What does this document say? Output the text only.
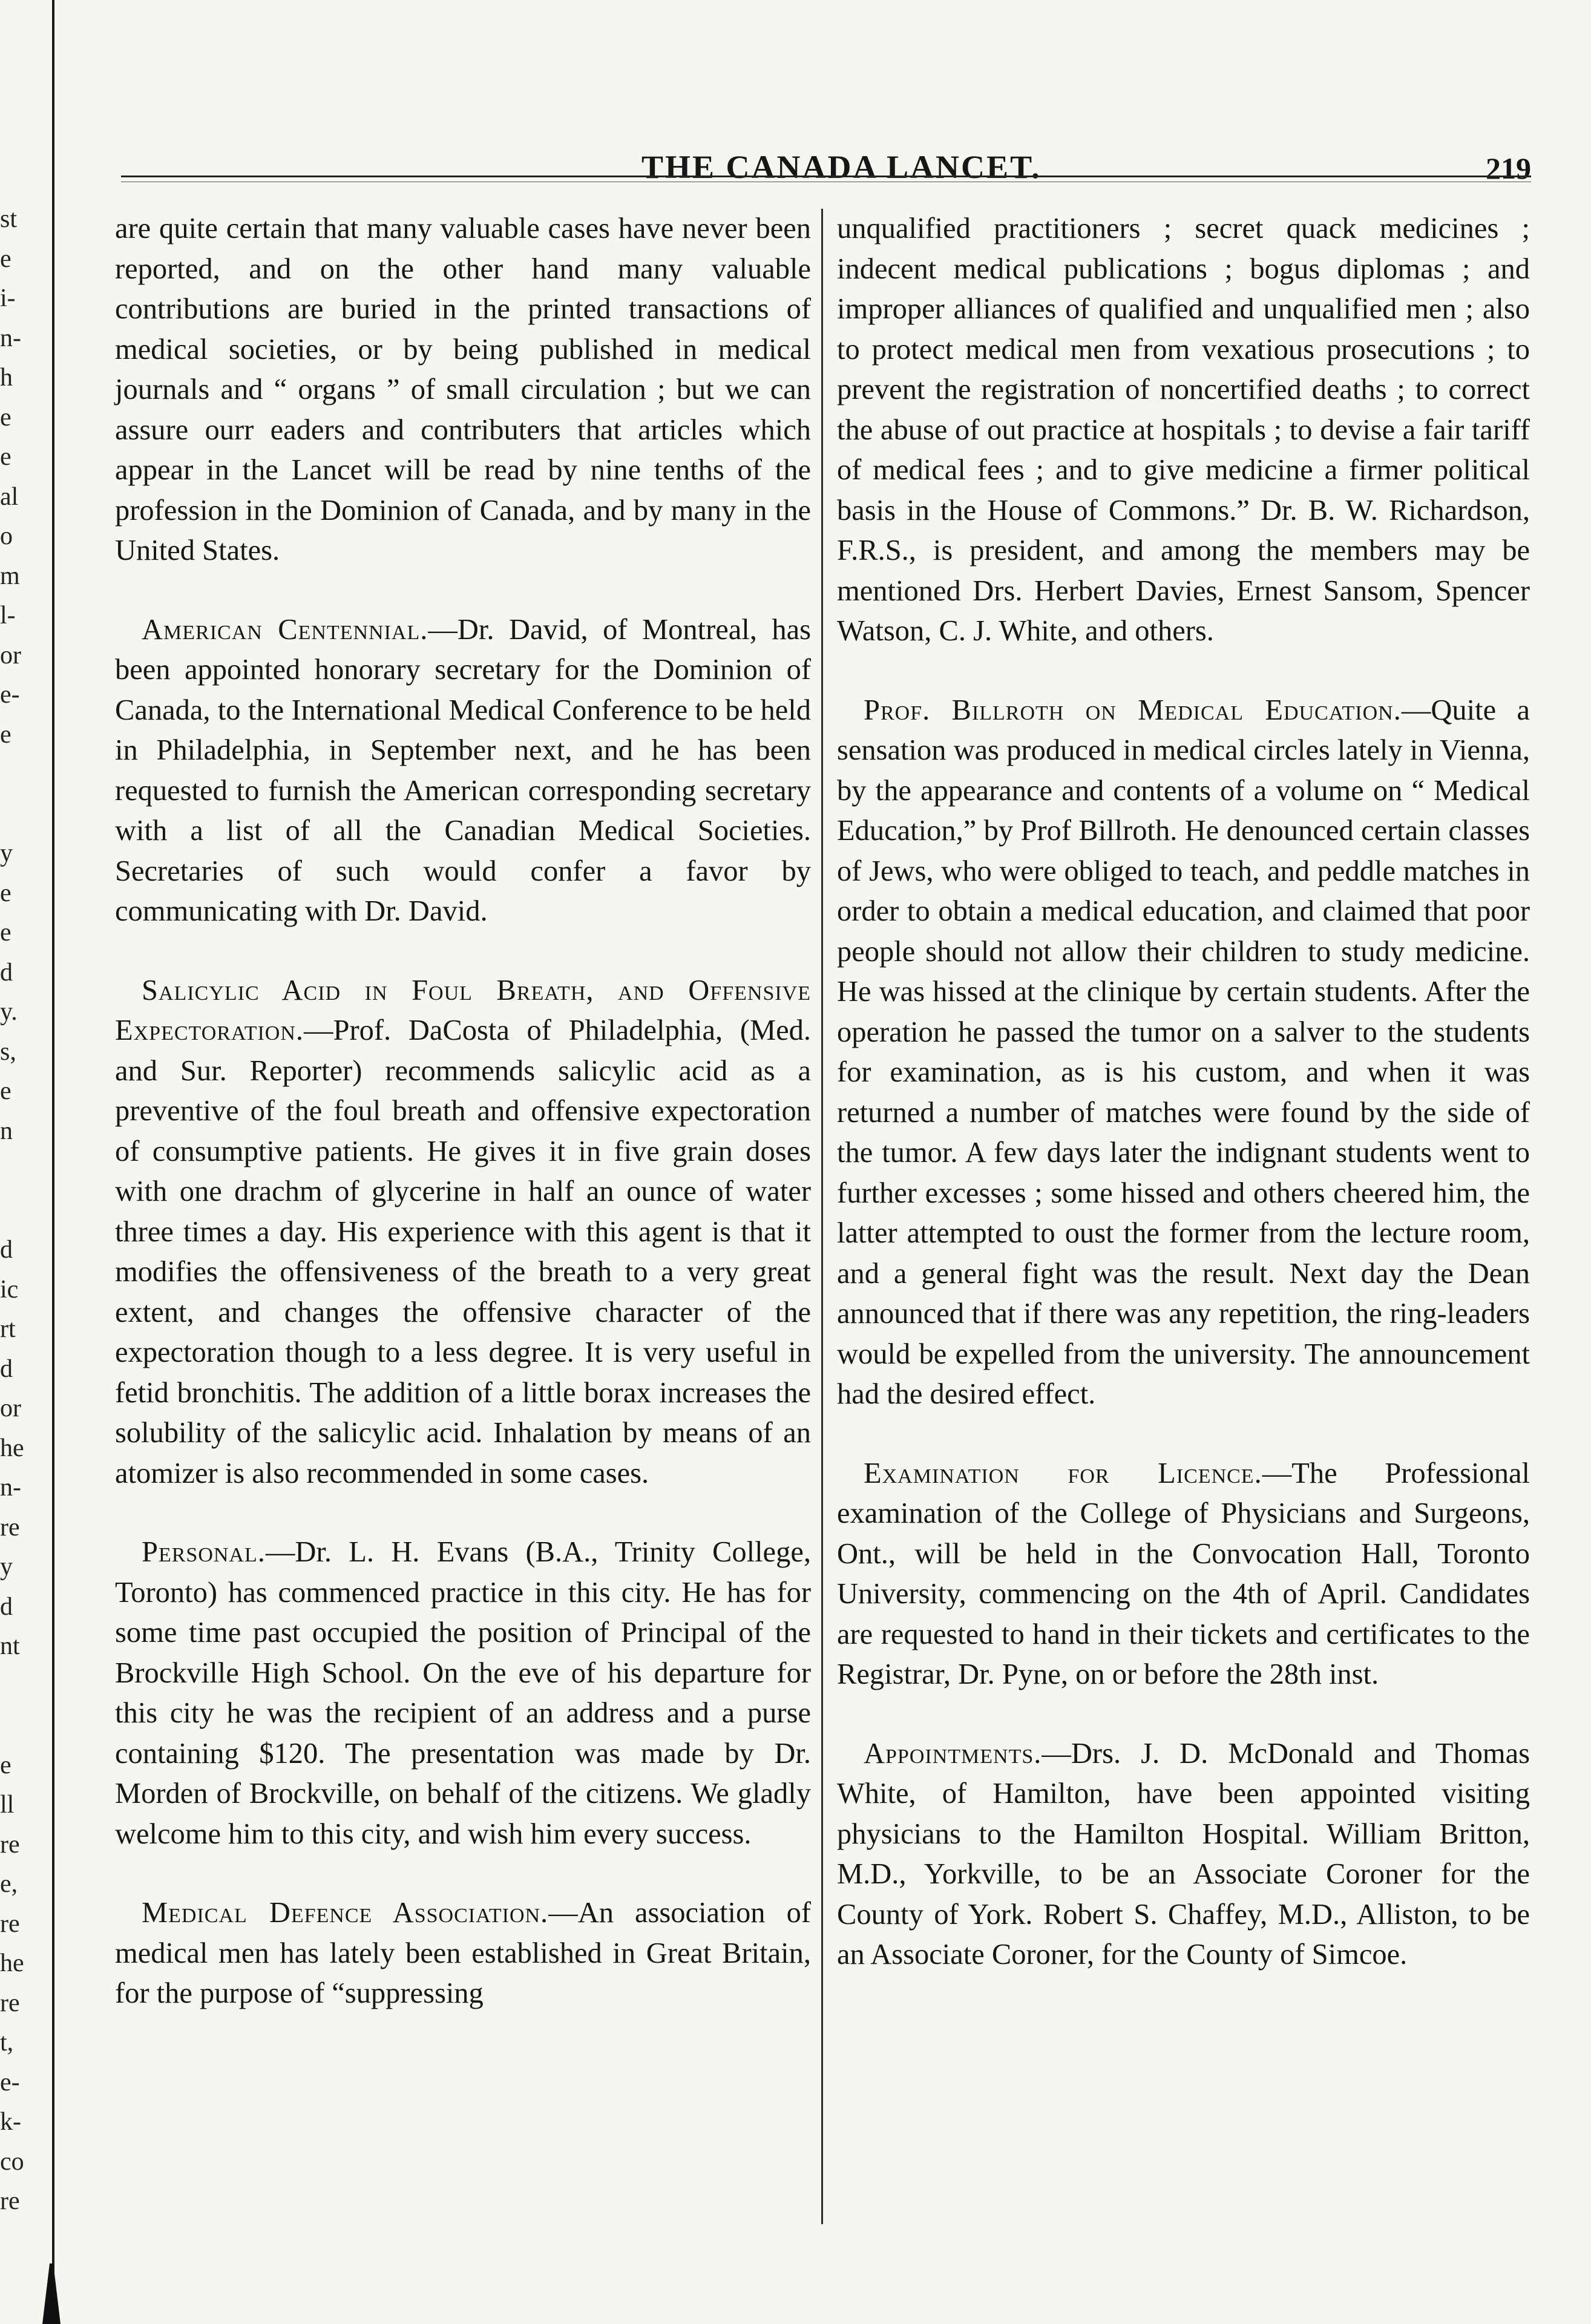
st
e
i-
n-
h
e
e
al
o
m
l-
or
e-
e
y
e
e
d
y.
s,
e
n
d
ic
rt
d
or
he
n-
re
y
d
nt
e
ll
re
e,
re
he
re
t,
e-
k-
co
re
THE CANADA LANCET.	219

are quite certain that many valuable cases have never been reported, and on the other hand many valuable contributions are buried in the printed transactions of medical societies, or by being published in medical journals and “ organs ” of small circulation ; but we can assure ourr eaders and contributers that articles which appear in the Lancet will be read by nine tenths of the profession in the Dominion of Canada, and by many in the United States.

American Centennial.—Dr. David, of Montreal, has been appointed honorary secretary for the Dominion of Canada, to the International Medical Conference to be held in Philadelphia, in September next, and he has been requested to furnish the American corresponding secretary with a list of all the Canadian Medical Societies. Secretaries of such would confer a favor by communicating with Dr. David.

Salicylic Acid in Foul Breath, and Offensive Expectoration.—Prof. DaCosta of Philadelphia, (Med. and Sur. Reporter) recommends salicylic acid as a preventive of the foul breath and offensive expectoration of consumptive patients. He gives it in five grain doses with one drachm of glycerine in half an ounce of water three times a day. His experience with this agent is that it modifies the offensiveness of the breath to a very great extent, and changes the offensive character of the expectoration though to a less degree. It is very useful in fetid bronchitis. The addition of a little borax increases the solubility of the salicylic acid. Inhalation by means of an atomizer is also recommended in some cases.

Personal.—Dr. L. H. Evans (B.A., Trinity College, Toronto) has commenced practice in this city. He has for some time past occupied the position of Principal of the Brockville High School. On the eve of his departure for this city he was the recipient of an address and a purse containing $120. The presentation was made by Dr. Morden of Brockville, on behalf of the citizens. We gladly welcome him to this city, and wish him every success.

Medical Defence Association.—An association of medical men has lately been established in Great Britain, for the purpose of “suppressing

unqualified practitioners ; secret quack medicines ; indecent medical publications ; bogus diplomas ; and improper alliances of qualified and unqualified men ; also to protect medical men from vexatious prosecutions ; to prevent the registration of noncertified deaths ; to correct the abuse of out practice at hospitals ; to devise a fair tariff of medical fees ; and to give medicine a firmer political basis in the House of Commons.” Dr. B. W. Richardson, F.R.S., is president, and among the members may be mentioned Drs. Herbert Davies, Ernest Sansom, Spencer Watson, C. J. White, and others.

Prof. Billroth on Medical Education.—Quite a sensation was produced in medical circles lately in Vienna, by the appearance and contents of a volume on “ Medical Education,” by Prof Billroth. He denounced certain classes of Jews, who were obliged to teach, and peddle matches in order to obtain a medical education, and claimed that poor people should not allow their children to study medicine. He was hissed at the clinique by certain students. After the operation he passed the tumor on a salver to the students for examination, as is his custom, and when it was returned a number of matches were found by the side of the tumor. A few days later the indignant students went to further excesses ; some hissed and others cheered him, the latter attempted to oust the former from the lecture room, and a general fight was the result. Next day the Dean announced that if there was any repetition, the ring-leaders would be expelled from the university. The announcement had the desired effect.

Examination for Licence.—The Professional examination of the College of Physicians and Surgeons, Ont., will be held in the Convocation Hall, Toronto University, commencing on the 4th of April. Candidates are requested to hand in their tickets and certificates to the Registrar, Dr. Pyne, on or before the 28th inst.

Appointments.—Drs. J. D. McDonald and Thomas White, of Hamilton, have been appointed visiting physicians to the Hamilton Hospital. William Britton, M.D., Yorkville, to be an Associate Coroner for the County of York. Robert S. Chaffey, M.D., Alliston, to be an Associate Coroner, for the County of Simcoe.
